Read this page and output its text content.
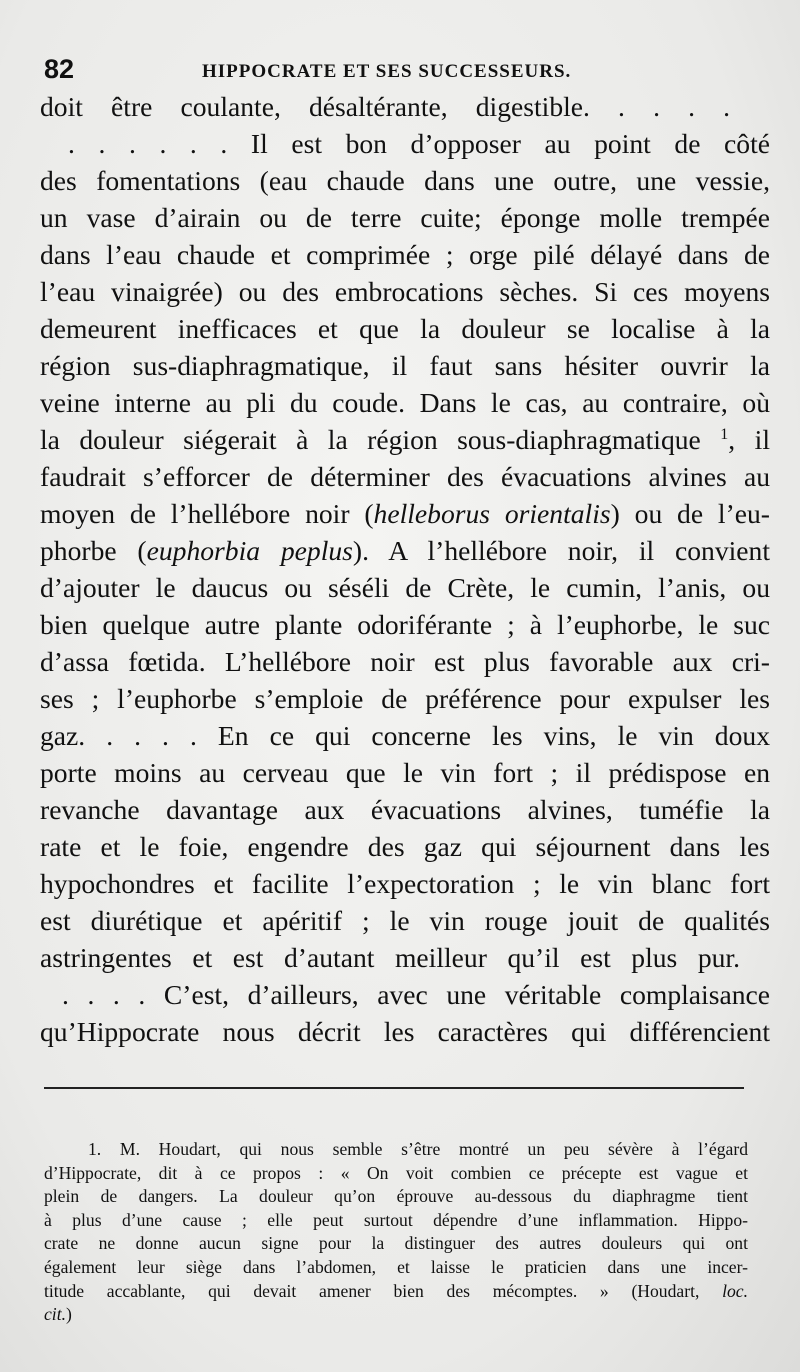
82	HIPPOCRATE ET SES SUCCESSEURS.
doit être coulante, désaltérante, digestible. . . . .
. . . . . . Il est bon d’opposer au point de côté
des fomentations (eau chaude dans une outre, une vessie,
un vase d’airain ou de terre cuite; éponge molle trempée
dans l’eau chaude et comprimée ; orge pilé délayé dans de
l’eau vinaigrée) ou des embrocations sèches. Si ces moyens
demeurent inefficaces et que la douleur se localise à la
région sus-diaphragmatique, il faut sans hésiter ouvrir la
veine interne au pli du coude. Dans le cas, au contraire, où
la douleur siégerait à la région sous-diaphragmatique $^1$, il
faudrait s’efforcer de déterminer des évacuations alvines au
moyen de l’hellébore noir (helleborus orientalis) ou de l’eu-
phorbe (euphorbia peplus). A l’hellébore noir, il convient
d’ajouter le daucus ou séséli de Crète, le cumin, l’anis, ou
bien quelque autre plante odoriférante ; à l’euphorbe, le suc
d’assa fœtida. L’hellébore noir est plus favorable aux cri-
ses ; l’euphorbe s’emploie de préférence pour expulser les
gaz. . . . . En ce qui concerne les vins, le vin doux
porte moins au cerveau que le vin fort ; il prédispose en
revanche davantage aux évacuations alvines, tuméfie la
rate et le foie, engendre des gaz qui séjournent dans les
hypochondres et facilite l’expectoration ; le vin blanc fort
est diurétique et apéritif ; le vin rouge jouit de qualités
astringentes et est d’autant meilleur qu’il est plus pur.
. . . . C’est, d’ailleurs, avec une véritable complaisance
qu’Hippocrate nous décrit les caractères qui différencient
1. M. Houdart, qui nous semble s’être montré un peu sévère à l’égard
d’Hippocrate, dit à ce propos : « On voit combien ce précepte est vague et
plein de dangers. La douleur qu’on éprouve au-dessous du diaphragme tient
à plus d’une cause ; elle peut surtout dépendre d’une inflammation. Hippo-
crate ne donne aucun signe pour la distinguer des autres douleurs qui ont
également leur siège dans l’abdomen, et laisse le praticien dans une incer-
titude accablante, qui devait amener bien des mécomptes. » (Houdart, loc.
cit.)
